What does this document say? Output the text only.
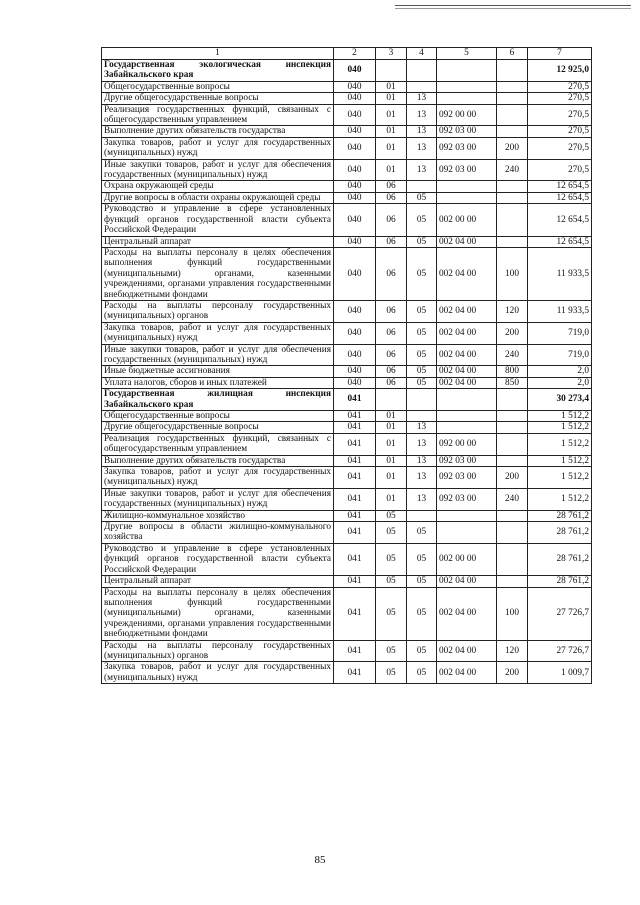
1	2	3	4	5	6	7
Государственная экологическая инспекция Забайкальского края	040					12 925,0
Общегосударственные вопросы	040	01				270,5
Другие общегосударственные вопросы	040	01	13			270,5
Реализация государственных функций, связанных с общегосударственным управлением	040	01	13	092 00 00		270,5
Выполнение других обязательств государства	040	01	13	092 03 00		270,5
Закупка товаров, работ и услуг для государственных (муниципальных) нужд	040	01	13	092 03 00	200	270,5
Иные закупки товаров, работ и услуг для обеспечения государственных (муниципальных) нужд	040	01	13	092 03 00	240	270,5
Охрана окружающей среды	040	06				12 654,5
Другие вопросы в области охраны окружающей среды	040	06	05			12 654,5
Руководство и управление в сфере установленных функций органов государственной власти субъекта Российской Федерации	040	06	05	002 00 00		12 654,5
Центральный аппарат	040	06	05	002 04 00		12 654,5
Расходы на выплаты персоналу в целях обеспечения выполнения функций государственными (муниципальными) органами, казенными учреждениями, органами управления государственными внебюджетными фондами	040	06	05	002 04 00	100	11 933,5
Расходы на выплаты персоналу государственных (муниципальных) органов	040	06	05	002 04 00	120	11 933,5
Закупка товаров, работ и услуг для государственных (муниципальных) нужд	040	06	05	002 04 00	200	719,0
Иные закупки товаров, работ и услуг для обеспечения государственных (муниципальных) нужд	040	06	05	002 04 00	240	719,0
Иные бюджетные ассигнования	040	06	05	002 04 00	800	2,0
Уплата налогов, сборов и иных платежей	040	06	05	002 04 00	850	2,0
Государственная жилищная инспекция Забайкальского края	041					30 273,4
Общегосударственные вопросы	041	01				1 512,2
Другие общегосударственные вопросы	041	01	13			1 512,2
Реализация государственных функций, связанных с общегосударственным управлением	041	01	13	092 00 00		1 512,2
Выполнение других обязательств государства	041	01	13	092 03 00		1 512,2
Закупка товаров, работ и услуг для государственных (муниципальных) нужд	041	01	13	092 03 00	200	1 512,2
Иные закупки товаров, работ и услуг для обеспечения государственных (муниципальных) нужд	041	01	13	092 03 00	240	1 512,2
Жилищно-коммунальное хозяйство	041	05				28 761,2
Другие вопросы в области жилищно-коммунального хозяйства	041	05	05			28 761,2
Руководство и управление в сфере установленных функций органов государственной власти субъекта Российской Федерации	041	05	05	002 00 00		28 761,2
Центральный аппарат	041	05	05	002 04 00		28 761,2
Расходы на выплаты персоналу в целях обеспечения выполнения функций государственными (муниципальными) органами, казенными учреждениями, органами управления государственными внебюджетными фондами	041	05	05	002 04 00	100	27 726,7
Расходы на выплаты персоналу государственных (муниципальных) органов	041	05	05	002 04 00	120	27 726,7
Закупка товаров, работ и услуг для государственных (муниципальных) нужд	041	05	05	002 04 00	200	1 009,7
85
